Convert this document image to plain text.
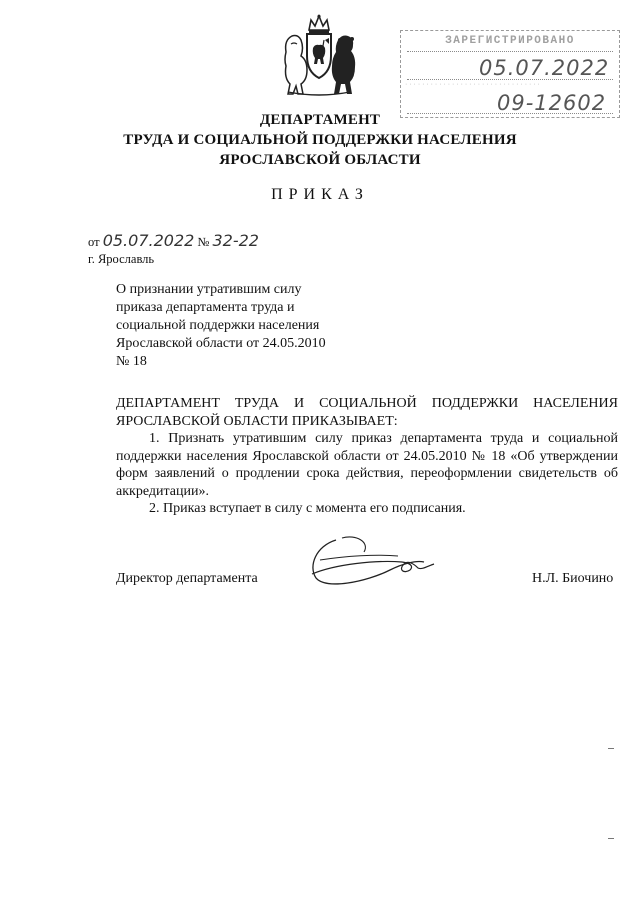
ЗАРЕГИСТРИРОВАНО
05.07.2022
· · · · · · · · · · · · · · · · · · · · · · · · · · · · · · · ·
09-12602
ДЕПАРТАМЕНТ
ТРУДА И СОЦИАЛЬНОЙ ПОДДЕРЖКИ НАСЕЛЕНИЯ
ЯРОСЛАВСКОЙ ОБЛАСТИ
ПРИКАЗ
от 05.07.2022 № 32-22
г. Ярославль
О признании утратившим силу
приказа департамента труда и
социальной поддержки населения
Ярославской области от 24.05.2010
№ 18

ДЕПАРТАМЕНТ ТРУДА И СОЦИАЛЬНОЙ ПОДДЕРЖКИ НАСЕЛЕНИЯ ЯРОСЛАВСКОЙ ОБЛАСТИ ПРИКАЗЫВАЕТ:

1. Признать утратившим силу приказ департамента труда и социальной поддержки населения Ярославской области от 24.05.2010 № 18 «Об утверждении форм заявлений о продлении срока действия, переоформлении свидетельств об аккредитации».

2. Приказ вступает в силу с момента его подписания.

Директор департамента	Н.Л. Биочино
